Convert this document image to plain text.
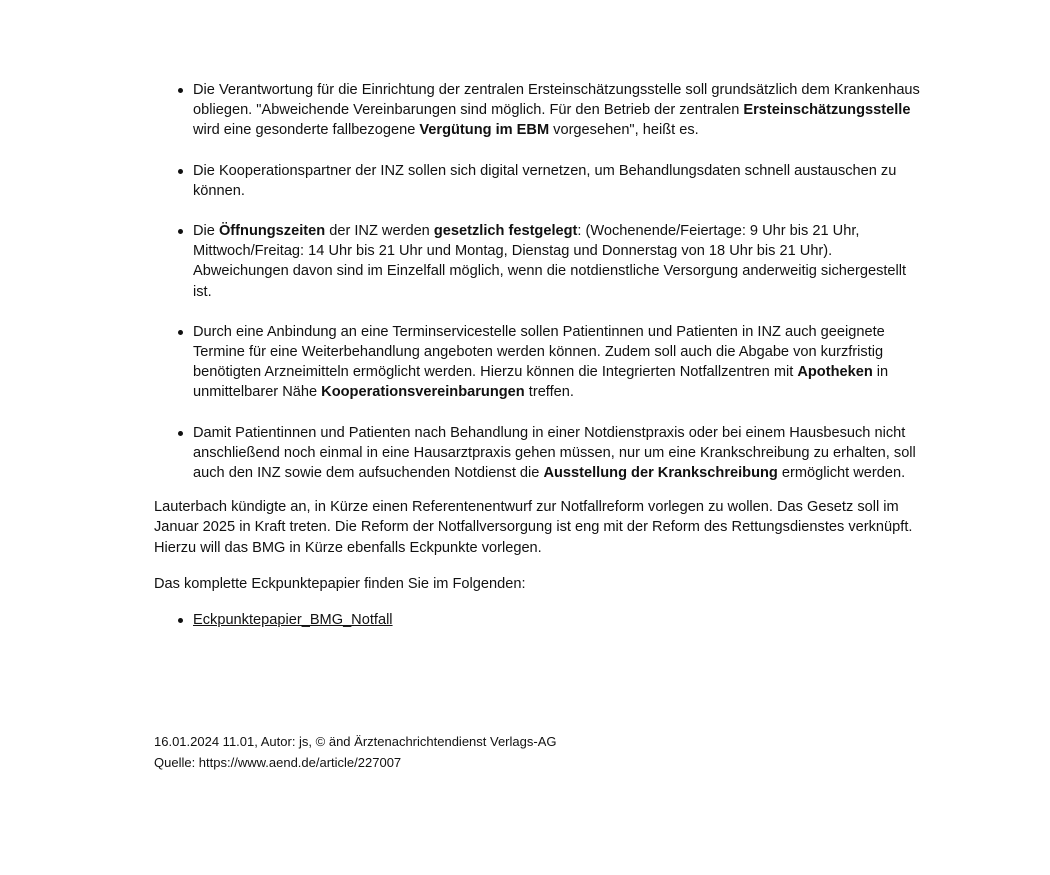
Die Verantwortung für die Einrichtung der zentralen Ersteinschätzungsstelle soll grundsätzlich dem Krankenhaus obliegen. "Abweichende Vereinbarungen sind möglich. Für den Betrieb der zentralen Ersteinschätzungsstelle wird eine gesonderte fallbezogene Vergütung im EBM vorgesehen", heißt es.
Die Kooperationspartner der INZ sollen sich digital vernetzen, um Behandlungsdaten schnell austauschen zu können.
Die Öffnungszeiten der INZ werden gesetzlich festgelegt: (Wochenende/Feiertage: 9 Uhr bis 21 Uhr, Mittwoch/Freitag: 14 Uhr bis 21 Uhr und Montag, Dienstag und Donnerstag von 18 Uhr bis 21 Uhr). Abweichungen davon sind im Einzelfall möglich, wenn die notdienstliche Versorgung anderweitig sichergestellt ist.
Durch eine Anbindung an eine Terminservicestelle sollen Patientinnen und Patienten in INZ auch geeignete Termine für eine Weiterbehandlung angeboten werden können. Zudem soll auch die Abgabe von kurzfristig benötigten Arzneimitteln ermöglicht werden. Hierzu können die Integrierten Notfallzentren mit Apotheken in unmittelbarer Nähe Kooperationsvereinbarungen treffen.
Damit Patientinnen und Patienten nach Behandlung in einer Notdienstpraxis oder bei einem Hausbesuch nicht anschließend noch einmal in eine Hausarztpraxis gehen müssen, nur um eine Krankschreibung zu erhalten, soll auch den INZ sowie dem aufsuchenden Notdienst die Ausstellung der Krankschreibung ermöglicht werden.

Lauterbach kündigte an, in Kürze einen Referentenentwurf zur Notfallreform vorlegen zu wollen. Das Gesetz soll im Januar 2025 in Kraft treten. Die Reform der Notfallversorgung ist eng mit der Reform des Rettungsdienstes verknüpft. Hierzu will das BMG in Kürze ebenfalls Eckpunkte vorlegen.

Das komplette Eckpunktepapier finden Sie im Folgenden:

Eckpunktepapier_BMG_Notfall
16.01.2024 11.01, Autor: js, © änd Ärztenachrichtendienst Verlags-AG
Quelle: https://www.aend.de/article/227007
